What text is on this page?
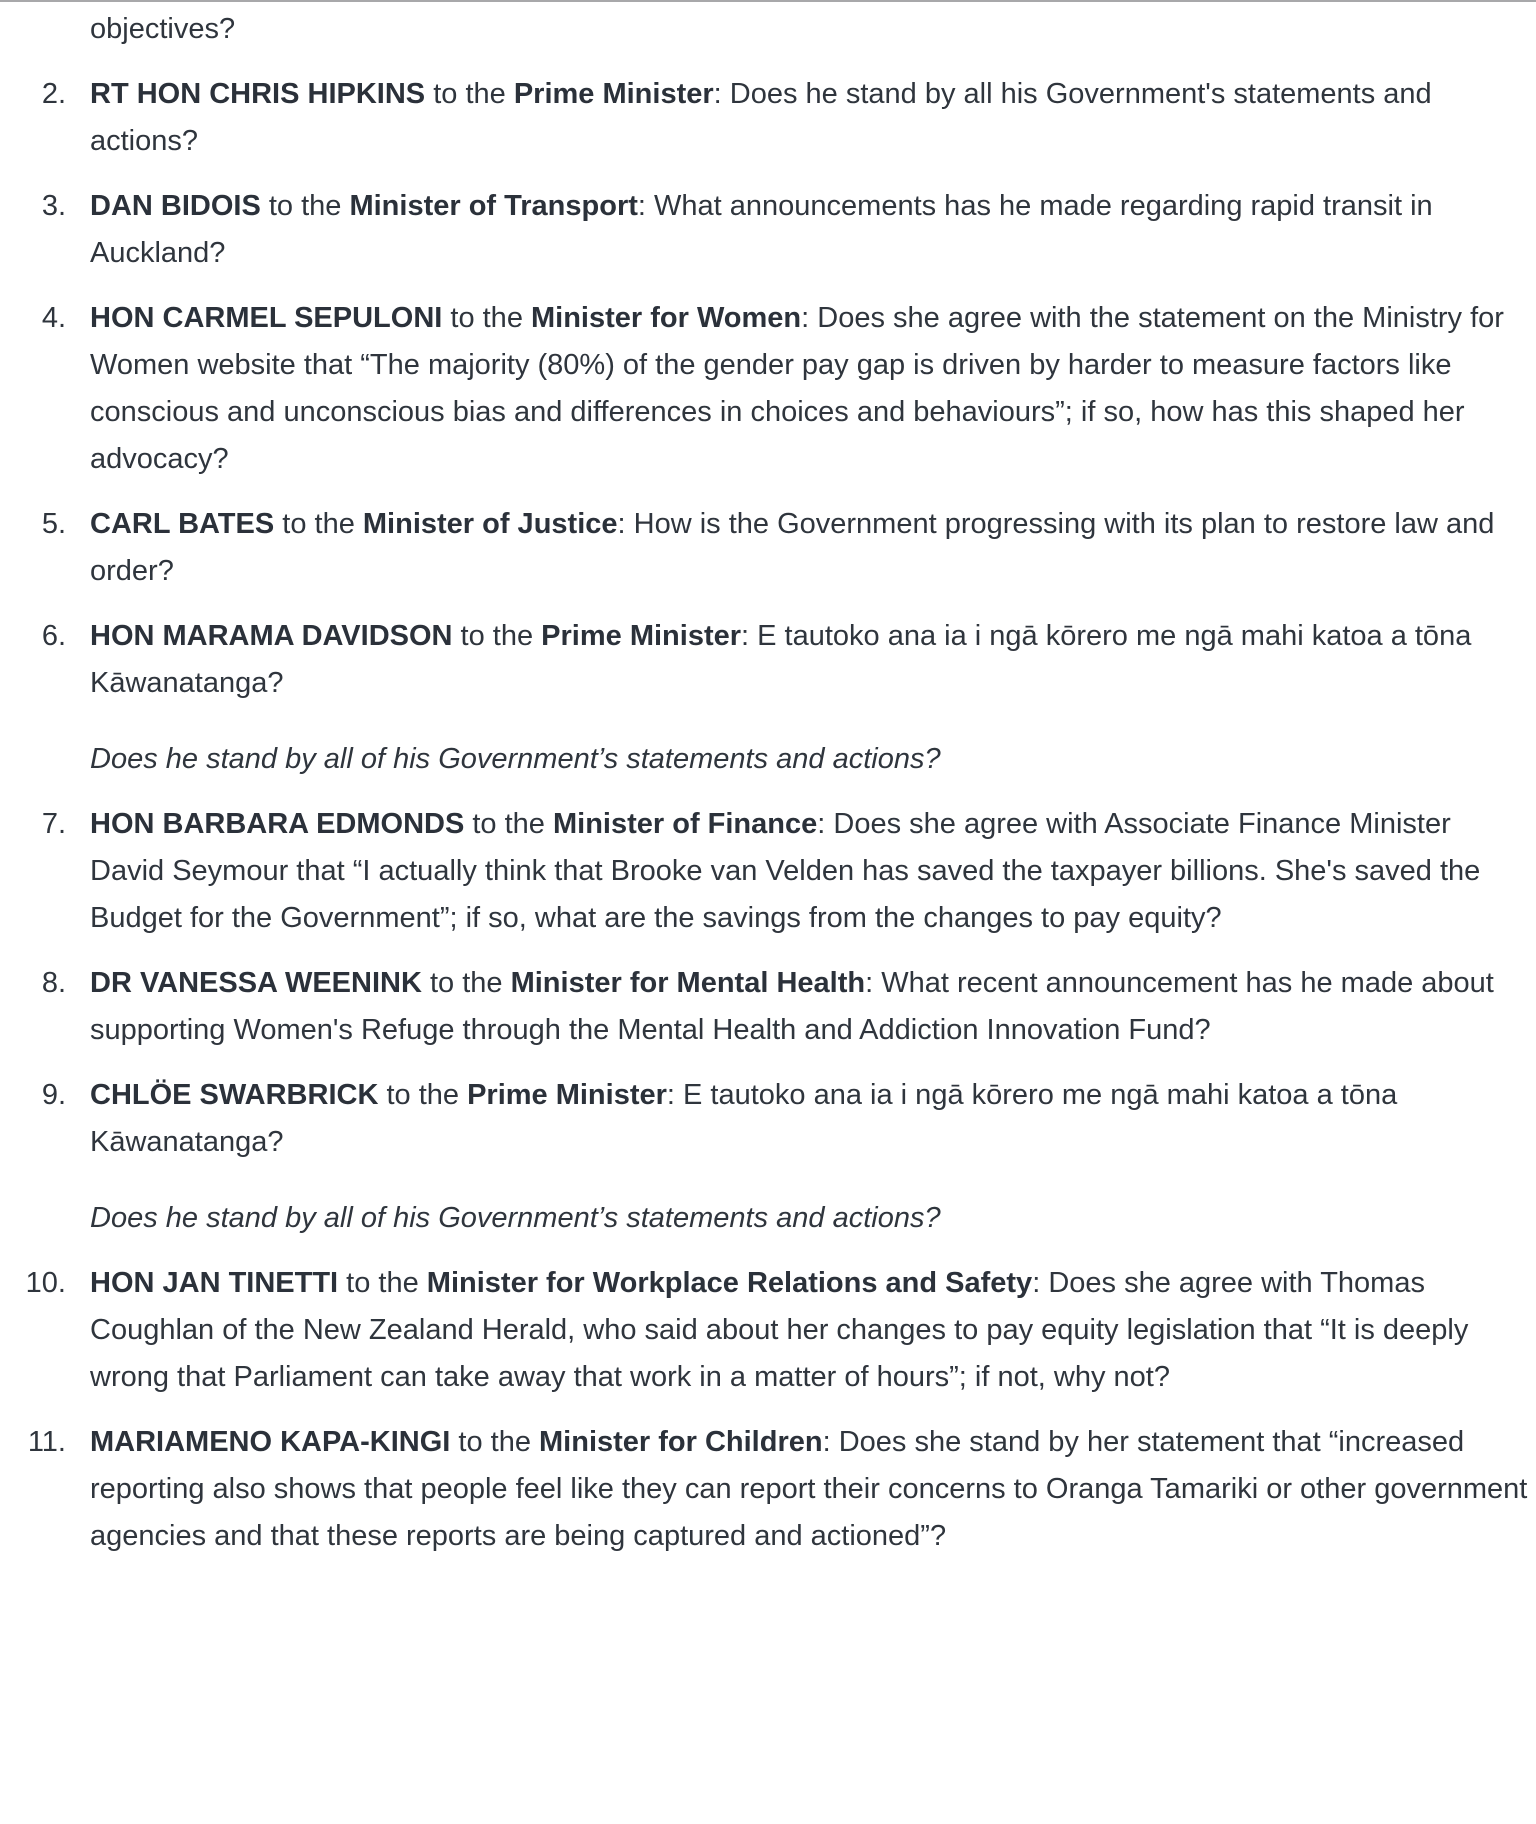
objectives?

2. RT HON CHRIS HIPKINS to the Prime Minister: Does he stand by all his Government's statements and actions?

3. DAN BIDOIS to the Minister of Transport: What announcements has he made regarding rapid transit in Auckland?

4. HON CARMEL SEPULONI to the Minister for Women: Does she agree with the statement on the Ministry for Women website that “The majority (80%) of the gender pay gap is driven by harder to measure factors like conscious and unconscious bias and differences in choices and behaviours”; if so, how has this shaped her advocacy?

5. CARL BATES to the Minister of Justice: How is the Government progressing with its plan to restore law and order?

6. HON MARAMA DAVIDSON to the Prime Minister: E tautoko ana ia i ngā kōrero me ngā mahi katoa a tōna Kāwanatanga?

Does he stand by all of his Government’s statements and actions?

7. HON BARBARA EDMONDS to the Minister of Finance: Does she agree with Associate Finance Minister David Seymour that “I actually think that Brooke van Velden has saved the taxpayer billions. She's saved the Budget for the Government”; if so, what are the savings from the changes to pay equity?

8. DR VANESSA WEENINK to the Minister for Mental Health: What recent announcement has he made about supporting Women's Refuge through the Mental Health and Addiction Innovation Fund?

9. CHLÖE SWARBRICK to the Prime Minister: E tautoko ana ia i ngā kōrero me ngā mahi katoa a tōna Kāwanatanga?

Does he stand by all of his Government’s statements and actions?

10. HON JAN TINETTI to the Minister for Workplace Relations and Safety: Does she agree with Thomas Coughlan of the New Zealand Herald, who said about her changes to pay equity legislation that “It is deeply wrong that Parliament can take away that work in a matter of hours”; if not, why not?

11. MARIAMENO KAPA-KINGI to the Minister for Children: Does she stand by her statement that “increased reporting also shows that people feel like they can report their concerns to Oranga Tamariki or other government agencies and that these reports are being captured and actioned”?
